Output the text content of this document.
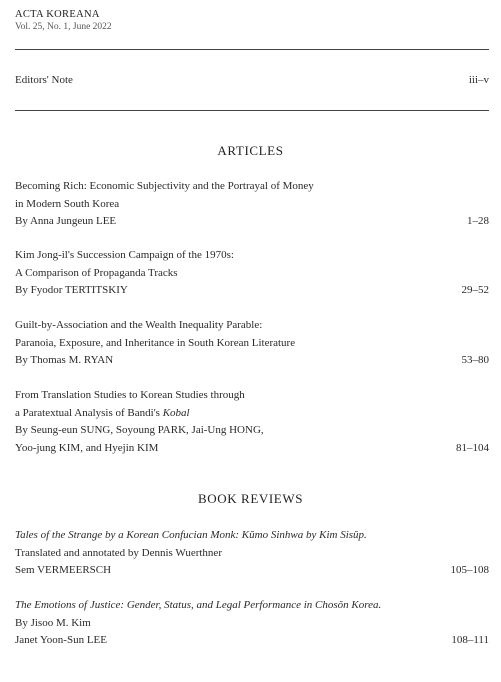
ACTA KOREANA
Vol. 25, No. 1, June 2022
Editors' Note	iii–v
ARTICLES
Becoming Rich: Economic Subjectivity and the Portrayal of Money
in Modern South Korea
By Anna Jungeun LEE	1–28
Kim Jong-il's Succession Campaign of the 1970s:
A Comparison of Propaganda Tracks
By Fyodor TERTITSKIY	29–52
Guilt-by-Association and the Wealth Inequality Parable:
Paranoia, Exposure, and Inheritance in South Korean Literature
By Thomas M. RYAN	53–80
From Translation Studies to Korean Studies through
a Paratextual Analysis of Bandi's Kobal
By Seung-eun SUNG, Soyoung PARK, Jai-Ung HONG,
Yoo-jung KIM, and Hyejin KIM	81–104
BOOK REVIEWS
Tales of the Strange by a Korean Confucian Monk: Kŭmo Sinhwa by Kim Sisŭp.
Translated and annotated by Dennis Wuerthner
Sem VERMEERSCH	105–108
The Emotions of Justice: Gender, Status, and Legal Performance in Chosŏn Korea.
By Jisoo M. Kim
Janet Yoon-Sun LEE	108–111
